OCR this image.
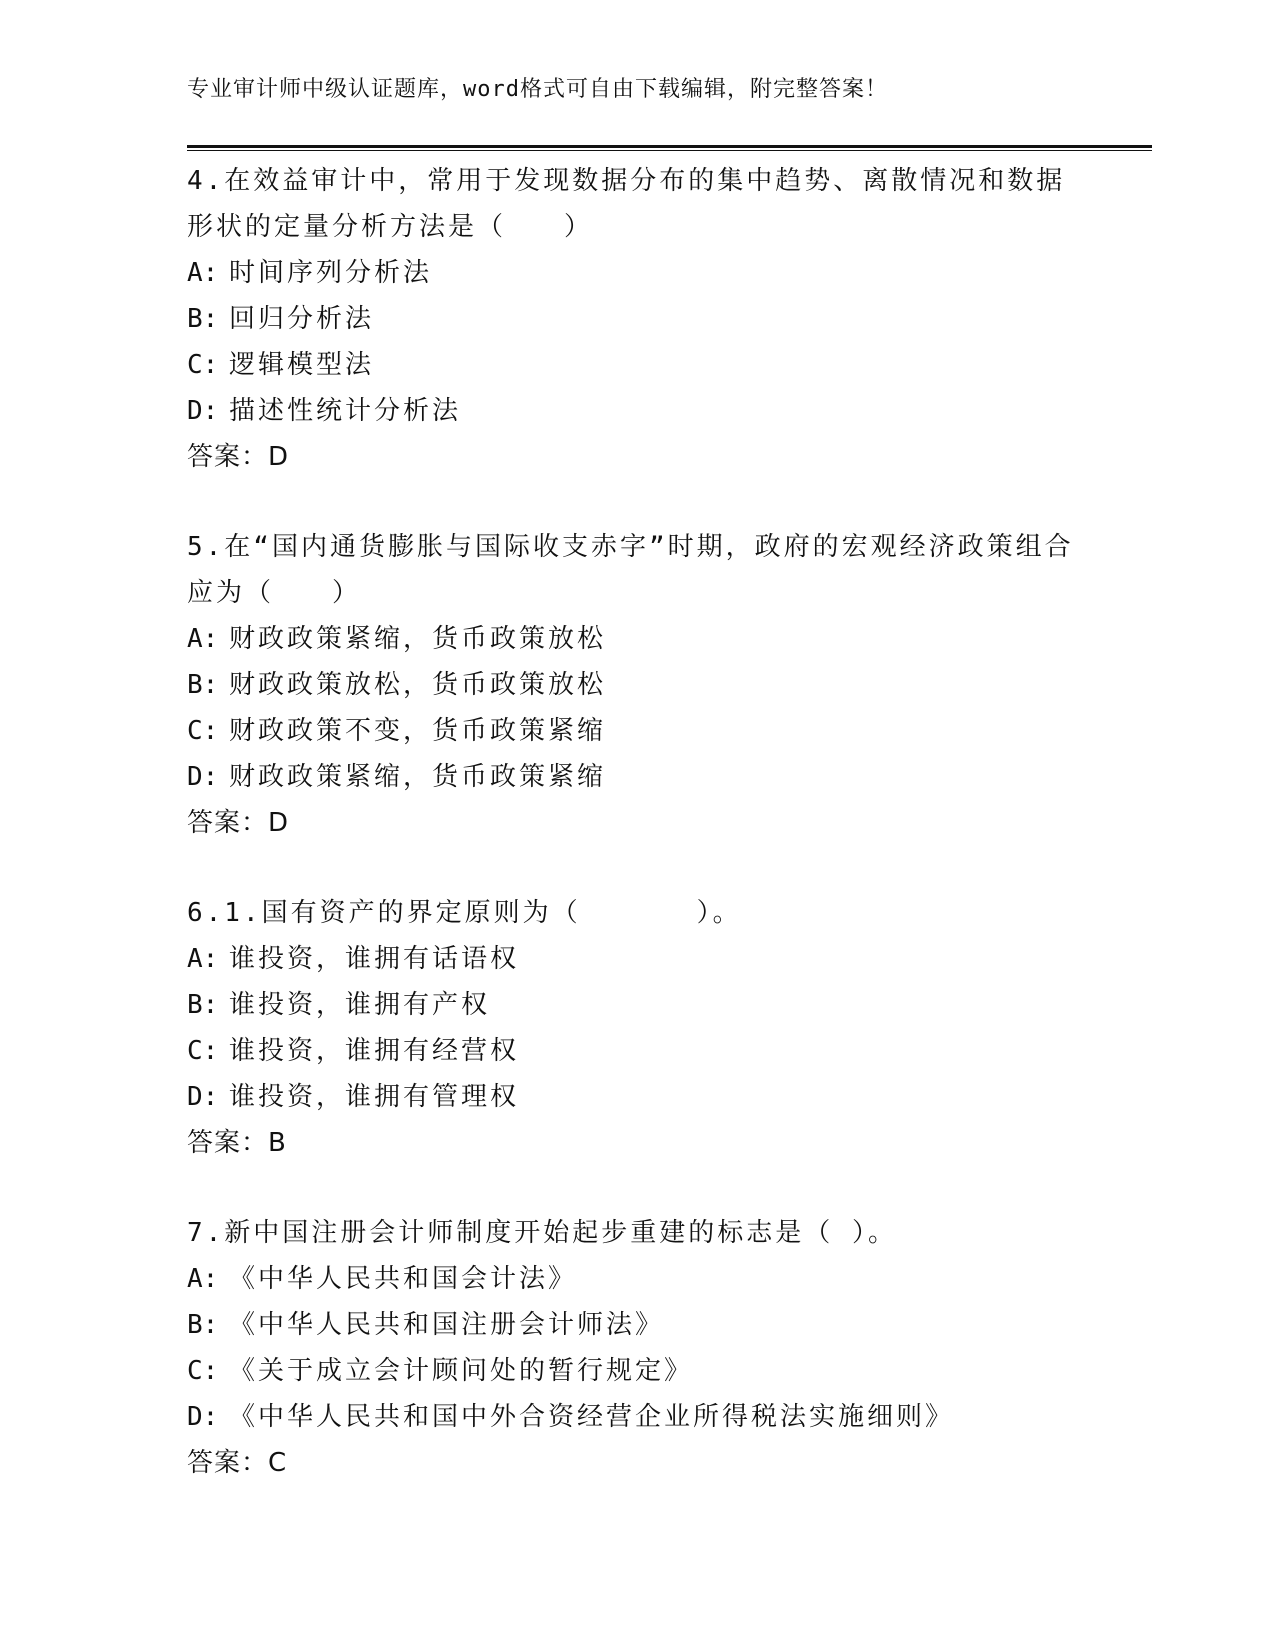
专业审计师中级认证题库，word格式可自由下载编辑，附完整答案！
4.在效益审计中，常用于发现数据分布的集中趋势、离散情况和数据形状的定量分析方法是（　　）
A: 时间序列分析法
B: 回归分析法
C: 逻辑模型法
D: 描述性统计分析法
答案：D
5.在“国内通货膨胀与国际收支赤字”时期，政府的宏观经济政策组合应为（　　）
A: 财政政策紧缩，货币政策放松
B: 财政政策放松，货币政策放松
C: 财政政策不变，货币政策紧缩
D: 财政政策紧缩，货币政策紧缩
答案：D
6.1.国有资产的界定原则为（　　　　）。
A: 谁投资，谁拥有话语权
B: 谁投资，谁拥有产权
C: 谁投资，谁拥有经营权
D: 谁投资，谁拥有管理权
答案：B
7.新中国注册会计师制度开始起步重建的标志是（ ）。
A: 《中华人民共和国会计法》
B: 《中华人民共和国注册会计师法》
C: 《关于成立会计顾问处的暂行规定》
D: 《中华人民共和国中外合资经营企业所得税法实施细则》
答案：C
